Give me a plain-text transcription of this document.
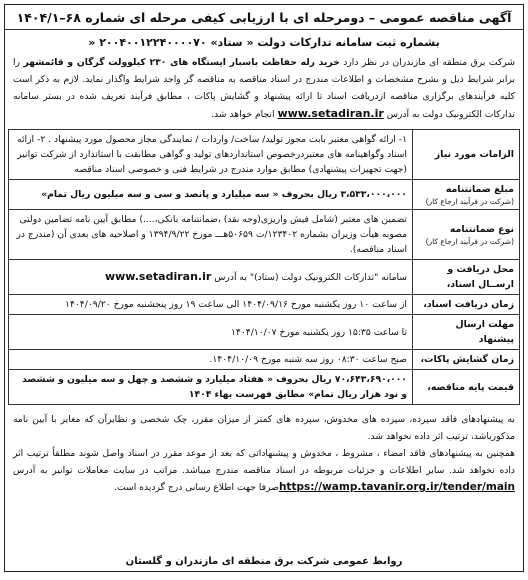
آگهی مناقصه عمومی – دومرحله ای با ارزیابی کیفی مرحله ای شماره ۶۸–۱۴۰۴/۱
بشماره ثبت سامانه تدارکات دولت « ستاد» ۲۰۰۴۰۰۱۲۲۴۰۰۰۰۷۰ «
شرکت برق منطقه ای مازندران در نظر دارد خرید رله حفاظت باسبار ایستگاه های ۲۳۰ کیلوولت گرگان و قائمشهر را برابر شرایط ذیل و بشرح مشخصات و اطلاعات مندرج در اسناد مناقصه به مناقصه گر واجد شرایط واگذار نماید. لازم به ذکر است کلیه فرآیندهای برگزاری مناقصه ازدریافت اسناد تا ارائه پیشنهاد و گشایش پاکات ، مطابق فرآیند تعریف شده در بستر سامانه تدارکات الکترونیک دولت به آدرس www.setadiran.ir انجام خواهد شد.
الزامات مورد نیاز	۱- ارائه گواهی معتبر بابت مجوز تولید/ ساخت/ واردات / نمایندگی مجاز محصول مورد پیشنهاد . ۲- ارائه اسناد وگواهینامه های معتبردرخصوص استانداردهای تولید و گواهی مطابقت با استاندارد از شرکت توانیر (جهت تجهیزات پیشنهادی) مطابق موارد مندرج در شرایط فنی و خصوصی اسناد مناقصه
مبلغ ضمانتنامه
(شرکت در فرآیند ارجاع کار)	۳،۵۳۳،۰۰۰،۰۰۰ ریال بحروف « سه میلیارد و پانصد و سی و سه میلیون ریال تمام»
نوع ضمانتنامه
(شرکت در فرآیند ارجاع کار)	تضمین های معتبر (شامل فیش واریزی(وجه نقد) ،ضمانتنامه بانکی،....) مطابق آیین نامه تضامین دولتی مصوبه هیأت وزیران بشماره ۱۲۳۴۰۲/ت ۵۰۶۵۹هـــ مورخ ۱۳۹۴/۹/۲۲ و اصلاحیه های بعدی آن (مندرج در اسناد مناقصه).
محل دریافت و ارســال اسناد،	سامانه "تدارکات الکترونیک دولت (ستاد)" به آدرس www.setadiran.ir
زمان دریافت اسناد،	از ساعت ۱۰ روز یکشنبه مورخ ۱۴۰۴/۰۹/۱۶ الی ساعت ۱۹ روز پنجشنبه مورخ ۱۴۰۴/۰۹/۲۰
مهلت ارسال پیشنهاد	تا ساعت ۱۵:۳۵ روز یکشنبه مورخ ۱۴۰۴/۱۰/۰۷
زمان گشایش پاکات،	صبح ساعت ۰۸:۳۰ روز سه شنبه مورخ ۱۴۰۴/۱۰/۰۹.
قیمت پایه مناقصه،	۷۰،۶۴۳،۶۹۰،۰۰۰ ریال بحروف « هفتاد میلیارد و ششصد و چهل و سه میلیون و ششصد و نود هزار ریال تمام» مطابق فهرست بهاء ۱۴۰۴
به پیشنهادهای فاقد سپرده، سپرده های مخدوش، سپرده های کمتر از میزان مقرر، چک شخصی و نظایرآن که مغایر با آیین نامه مذکورباشد، ترتیب اثر داده نخواهد شد.
همچنین به پیشنهادهای فاقد امضاء ، مشروط ، مخدوش و پیشنهاداتی که بعد از موعد مقرر در اسناد واصل شوند مطلقاً ترتیب اثر داده نخواهد شد. سایر اطلاعات و جزئیات مربوطه در اسناد مناقصه مندرج میباشد. مراتب در سایت معاملات توانیر به آدرس https://wamp.tavanir.org.ir/tender/mainصرفا جهت اطلاع رسانی درج گردیده است.
روابط عمومی شرکت برق منطقه ای مازندران و گلستان
